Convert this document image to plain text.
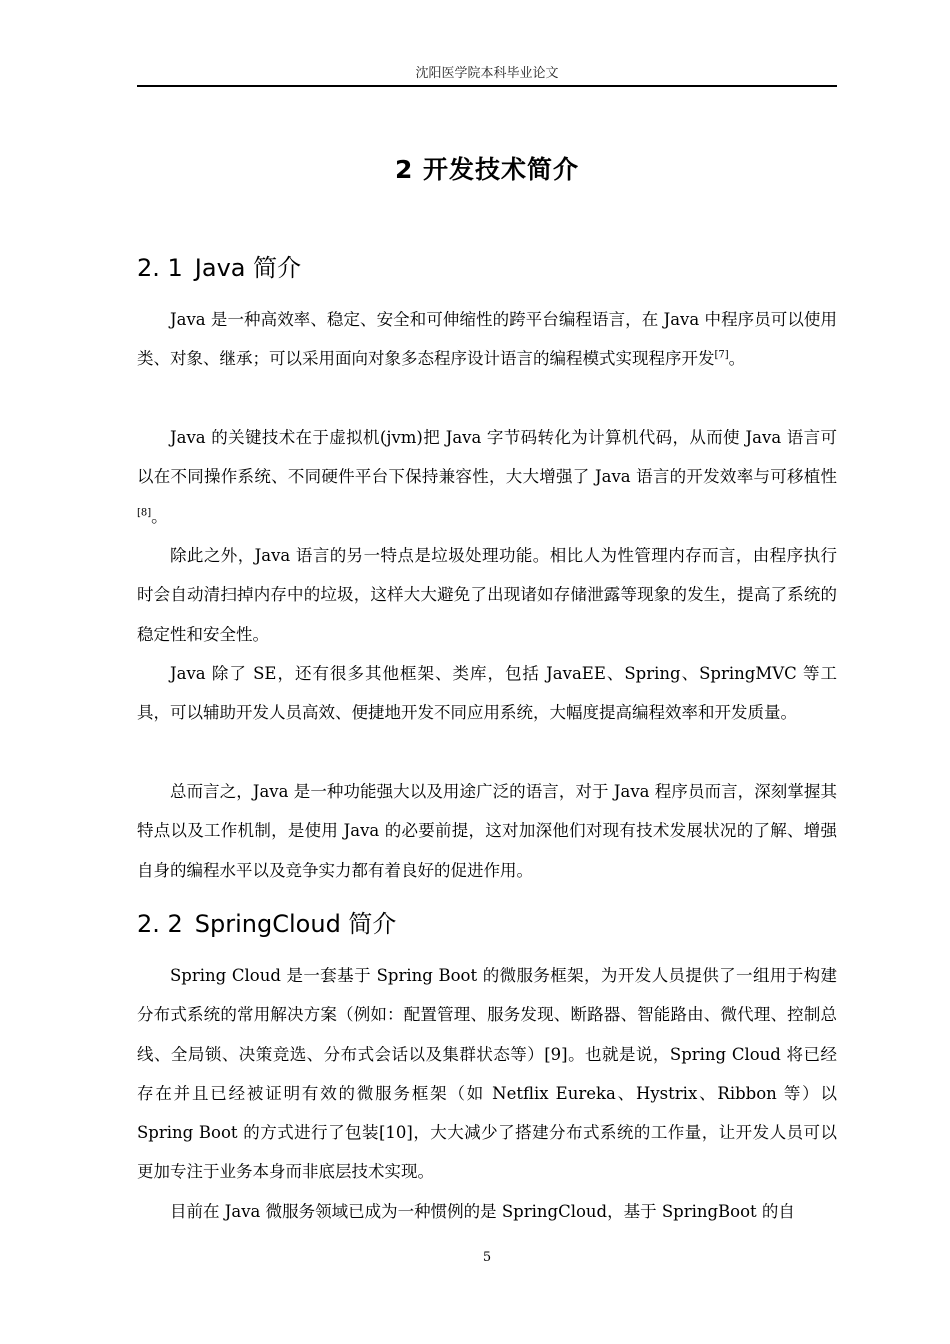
沈阳医学院本科毕业论文
2 开发技术简介
2. 1 Java 简介

Java 是一种高效率、稳定、安全和可伸缩性的跨平台编程语言，在 Java 中程序员可以使用类、对象、继承；可以采用面向对象多态程序设计语言的编程模式实现程序开发[7]。

Java 的关键技术在于虚拟机(jvm)把 Java 字节码转化为计算机代码，从而使 Java 语言可以在不同操作系统、不同硬件平台下保持兼容性，大大增强了 Java 语言的开发效率与可移植性[8]。

除此之外，Java 语言的另一特点是垃圾处理功能。相比人为性管理内存而言，由程序执行时会自动清扫掉内存中的垃圾，这样大大避免了出现诸如存储泄露等现象的发生，提高了系统的稳定性和安全性。

Java 除了 SE，还有很多其他框架、类库，包括 JavaEE、Spring、SpringMVC 等工具，可以辅助开发人员高效、便捷地开发不同应用系统，大幅度提高编程效率和开发质量。

总而言之，Java 是一种功能强大以及用途广泛的语言，对于 Java 程序员而言，深刻掌握其特点以及工作机制，是使用 Java 的必要前提，这对加深他们对现有技术发展状况的了解、增强自身的编程水平以及竞争实力都有着良好的促进作用。

2. 2 SpringCloud 简介

Spring Cloud 是一套基于 Spring Boot 的微服务框架，为开发人员提供了一组用于构建分布式系统的常用解决方案（例如：配置管理、服务发现、断路器、智能路由、微代理、控制总线、全局锁、决策竞选、分布式会话以及集群状态等）[9]。也就是说，Spring Cloud 将已经存在并且已经被证明有效的微服务框架（如 Netflix Eureka、Hystrix、Ribbon 等）以 Spring Boot 的方式进行了包装[10]，大大减少了搭建分布式系统的工作量，让开发人员可以更加专注于业务本身而非底层技术实现。

目前在 Java 微服务领域已成为一种惯例的是 SpringCloud，基于 SpringBoot 的自

5
